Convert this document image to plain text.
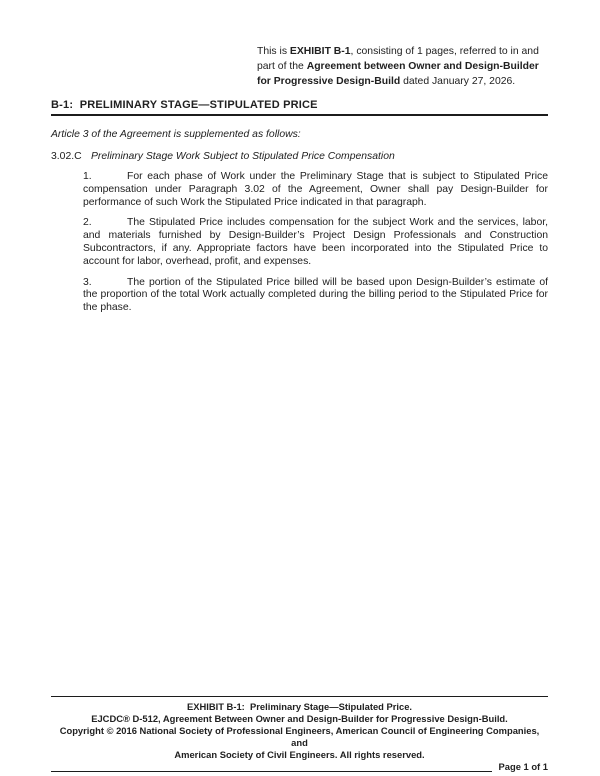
This is EXHIBIT B-1, consisting of 1 pages, referred to in and part of the Agreement between Owner and Design-Builder for Progressive Design-Build dated January 27, 2026.
B-1:  PRELIMINARY STAGE—STIPULATED PRICE
Article 3 of the Agreement is supplemented as follows:
3.02.C Preliminary Stage Work Subject to Stipulated Price Compensation
1.	For each phase of Work under the Preliminary Stage that is subject to Stipulated Price compensation under Paragraph 3.02 of the Agreement, Owner shall pay Design-Builder for performance of such Work the Stipulated Price indicated in that paragraph.
2.	The Stipulated Price includes compensation for the subject Work and the services, labor, and materials furnished by Design-Builder’s Project Design Professionals and Construction Subcontractors, if any. Appropriate factors have been incorporated into the Stipulated Price to account for labor, overhead, profit, and expenses.
3.	The portion of the Stipulated Price billed will be based upon Design-Builder’s estimate of the proportion of the total Work actually completed during the billing period to the Stipulated Price for the phase.
EXHIBIT B-1:  Preliminary Stage—Stipulated Price.
EJCDC® D-512, Agreement Between Owner and Design-Builder for Progressive Design-Build.
Copyright © 2016 National Society of Professional Engineers, American Council of Engineering Companies, and
American Society of Civil Engineers. All rights reserved.
Page 1 of 1
